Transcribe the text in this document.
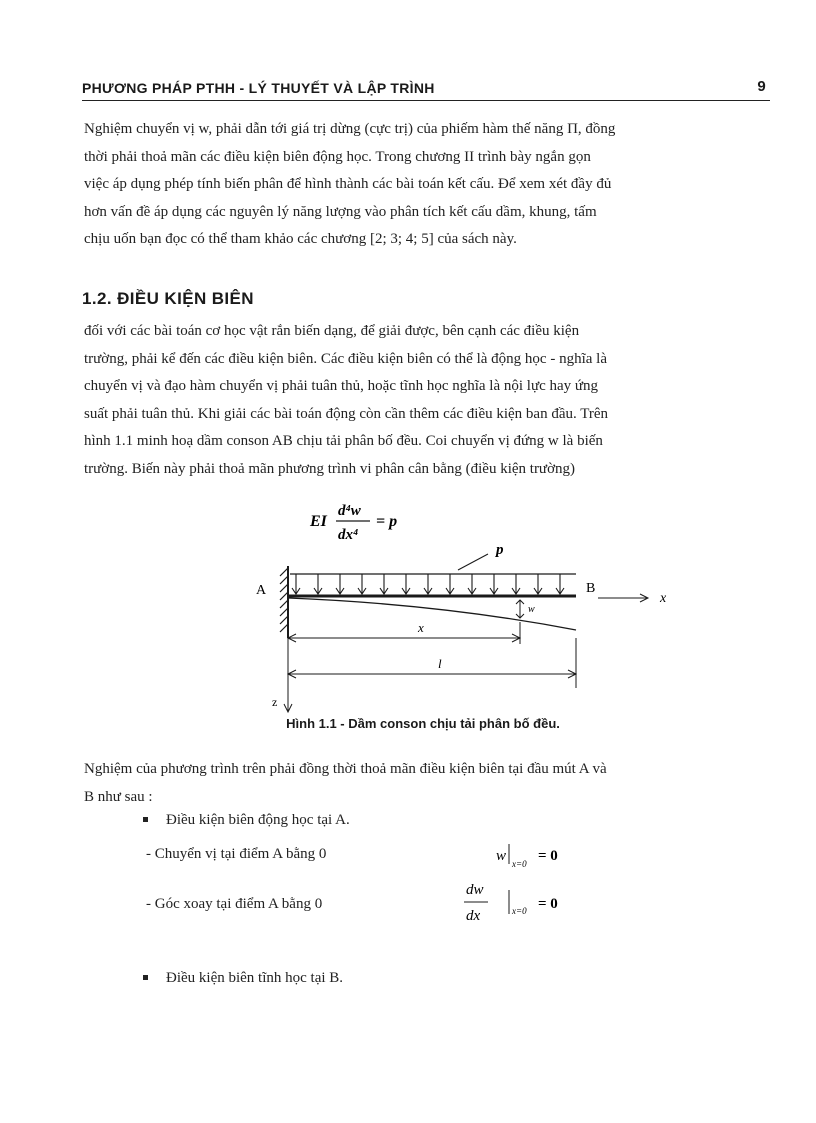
PHƯƠNG PHÁP PTHH - LÝ THUYẾT VÀ LẬP TRÌNH	9
Nghiệm chuyển vị w, phải dẫn tới giá trị dừng (cực trị) của phiếm hàm thế năng Π, đồng
thời phải thoả mãn các điều kiện biên động học. Trong chương II trình bày ngắn gọn
việc áp dụng phép tính biến phân để hình thành các bài toán kết cấu. Để xem xét đầy đủ
hơn vấn đề áp dụng các nguyên lý năng lượng vào phân tích kết cấu dầm, khung, tấm
chịu uốn bạn đọc có thể tham khảo các chương [2; 3; 4; 5] của sách này.
1.2. ĐIỀU KIỆN BIÊN
đối với các bài toán cơ học vật rắn biến dạng, để giải được, bên cạnh các điều kiện
trường, phải kể đến các điều kiện biên. Các điều kiện biên có thể là động học - nghĩa là
chuyển vị và đạo hàm chuyển vị phải tuân thủ, hoặc tĩnh học nghĩa là nội lực hay ứng
suất phải tuân thủ. Khi giải các bài toán động còn cần thêm các điều kiện ban đầu. Trên
hình 1.1 minh hoạ dầm conson AB chịu tải phân bố đều. Coi chuyển vị đứng w là biến
trường. Biến này phải thoả mãn phương trình vi phân cân bằng (điều kiện trường)
EI
d⁴w
dx⁴
= p
p
A	B
x
w
x
l
z
Hình 1.1 - Dầm conson chịu tải phân bố đều.
Nghiệm của phương trình trên phải đồng thời thoả mãn điều kiện biên tại đầu mút A và
B như sau :
Điều kiện biên động học tại A.
- Chuyển vị tại điểm A bằng 0	w x=0 = 0
- Góc xoay tại điểm A bằng 0
dw
dx	x=0 = 0
Điều kiện biên tĩnh học tại B.
